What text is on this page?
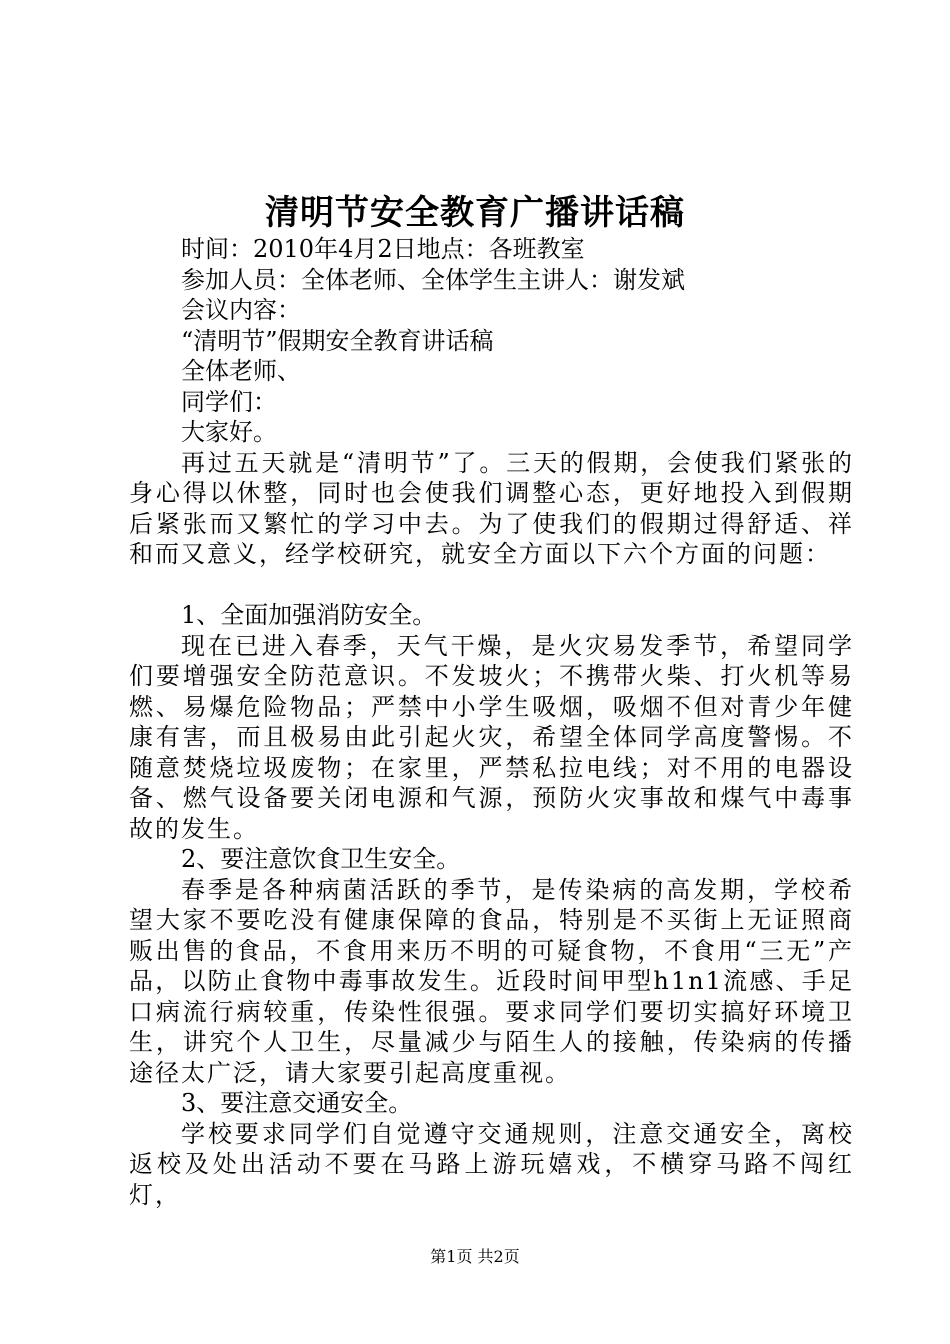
清明节安全教育广播讲话稿

时间：2010年4月2日地点：各班教室

参加人员：全体老师、全体学生主讲人：谢发斌

会议内容：

“清明节”假期安全教育讲话稿

全体老师、

同学们：

大家好。

再过五天就是“清明节”了。三天的假期，会使我们紧张的身心得以休整，同时也会使我们调整心态，更好地投入到假期后紧张而又繁忙的学习中去。为了使我们的假期过得舒适、祥和而又意义，经学校研究，就安全方面以下六个方面的问题：

1、全面加强消防安全。

现在已进入春季，天气干燥，是火灾易发季节，希望同学们要增强安全防范意识。不发坡火；不携带火柴、打火机等易燃、易爆危险物品；严禁中小学生吸烟，吸烟不但对青少年健康有害，而且极易由此引起火灾，希望全体同学高度警惕。不随意焚烧垃圾废物；在家里，严禁私拉电线；对不用的电器设备、燃气设备要关闭电源和气源，预防火灾事故和煤气中毒事故的发生。

2、要注意饮食卫生安全。

春季是各种病菌活跃的季节，是传染病的高发期，学校希望大家不要吃没有健康保障的食品，特别是不买街上无证照商贩出售的食品，不食用来历不明的可疑食物，不食用“三无”产品，以防止食物中毒事故发生。近段时间甲型h1n1流感、手足口病流行病较重，传染性很强。要求同学们要切实搞好环境卫生，讲究个人卫生，尽量减少与陌生人的接触，传染病的传播途径太广泛，请大家要引起高度重视。

3、要注意交通安全。

学校要求同学们自觉遵守交通规则，注意交通安全，离校返校及处出活动不要在马路上游玩嬉戏，不横穿马路不闯红灯，

第1页 共2页
